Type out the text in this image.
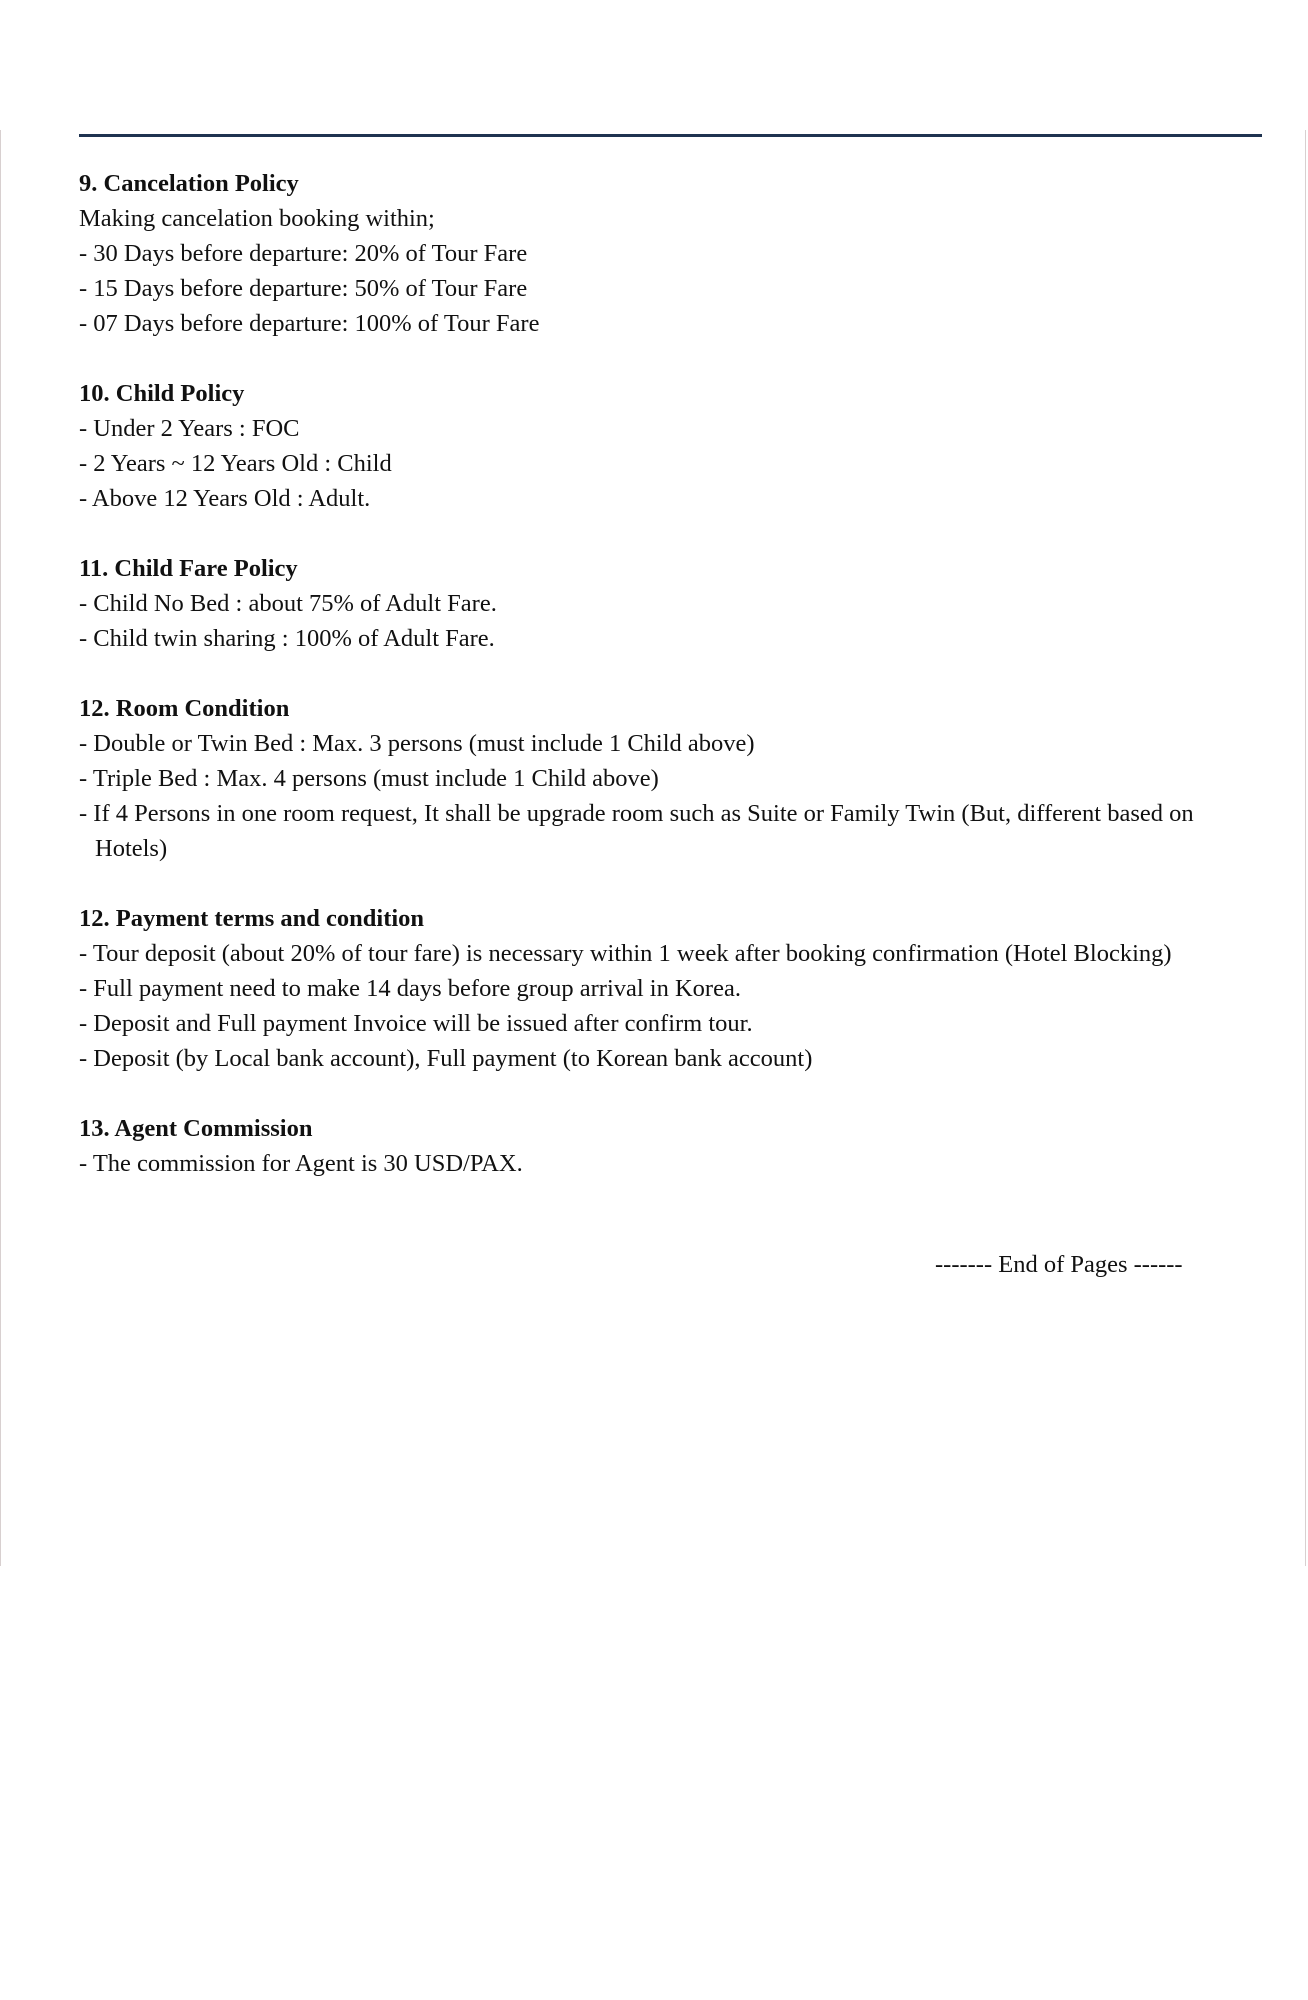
9. Cancelation Policy

Making cancelation booking within;

- 30 Days before departure: 20% of Tour Fare

- 15 Days before departure: 50% of Tour Fare

- 07 Days before departure: 100% of Tour Fare

10. Child Policy

- Under 2 Years : FOC

- 2 Years ~ 12 Years Old : Child

- Above 12 Years Old : Adult.

11. Child Fare Policy

- Child No Bed : about 75% of Adult Fare.

- Child twin sharing : 100% of Adult Fare.

12. Room Condition

- Double or Twin Bed : Max. 3 persons (must include 1 Child above)

- Triple Bed : Max. 4 persons (must include 1 Child above)

- If 4 Persons in one room request, It shall be upgrade room such as Suite or Family Twin (But, different based on Hotels)

12. Payment terms and condition

- Tour deposit (about 20% of tour fare) is necessary within 1 week after booking confirmation (Hotel Blocking)

- Full payment need to make 14 days before group arrival in Korea.

- Deposit and Full payment Invoice will be issued after confirm tour.

- Deposit (by Local bank account), Full payment (to Korean bank account)

13. Agent Commission

- The commission for Agent is 30 USD/PAX.

------- End of Pages ------
